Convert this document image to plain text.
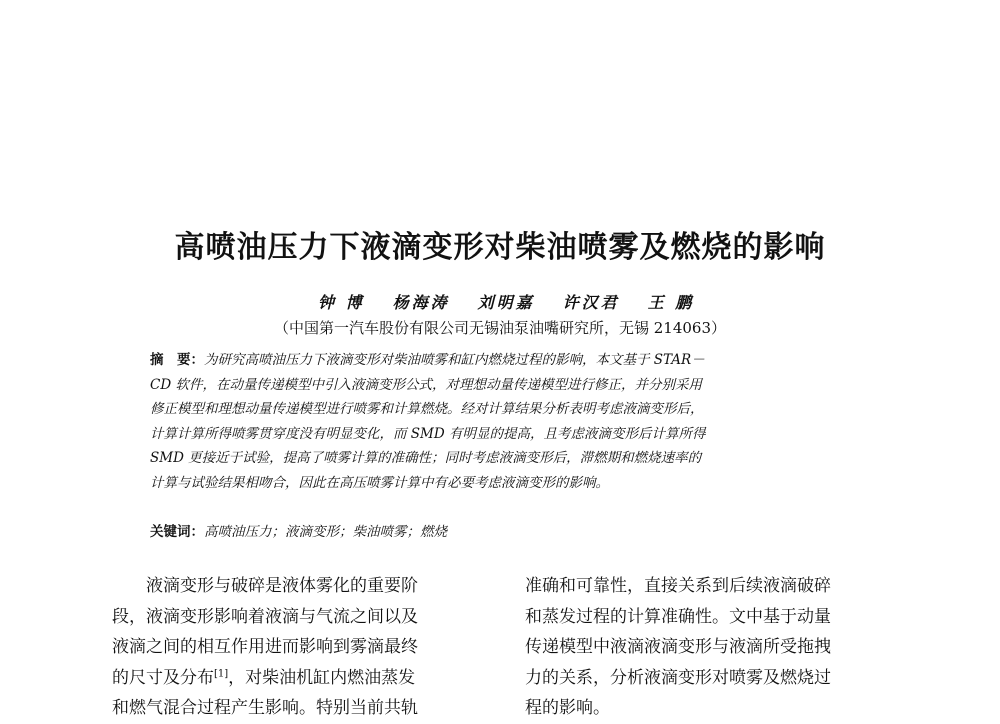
高喷油压力下液滴变形对柴油喷雾及燃烧的影响
钟 博 杨海涛 刘明嘉 许汉君 王 鹏
（中国第一汽车股份有限公司无锡油泵油嘴研究所，无锡 214063）
摘　要：为研究高喷油压力下液滴变形对柴油喷雾和缸内燃烧过程的影响，本文基于 STAR－
CD 软件，在动量传递模型中引入液滴变形公式，对理想动量传递模型进行修正，并分别采用
修正模型和理想动量传递模型进行喷雾和计算燃烧。经对计算结果分析表明考虑液滴变形后，
计算计算所得喷雾贯穿度没有明显变化，而 SMD 有明显的提高，且考虑液滴变形后计算所得
SMD 更接近于试验，提高了喷雾计算的准确性；同时考虑液滴变形后，滞燃期和燃烧速率的
计算与试验结果相吻合，因此在高压喷雾计算中有必要考虑液滴变形的影响。
关键词：高喷油压力；液滴变形；柴油喷雾；燃烧
　　液滴变形与破碎是液体雾化的重要阶
段，液滴变形影响着液滴与气流之间以及
液滴之间的相互作用进而影响到雾滴最终
的尺寸及分布[1]，对柴油机缸内燃油蒸发
和燃气混合过程产生影响。特别当前共轨
准确和可靠性，直接关系到后续液滴破碎
和蒸发过程的计算准确性。文中基于动量
传递模型中液滴液滴变形与液滴所受拖拽
力的关系，分析液滴变形对喷雾及燃烧过
程的影响。
